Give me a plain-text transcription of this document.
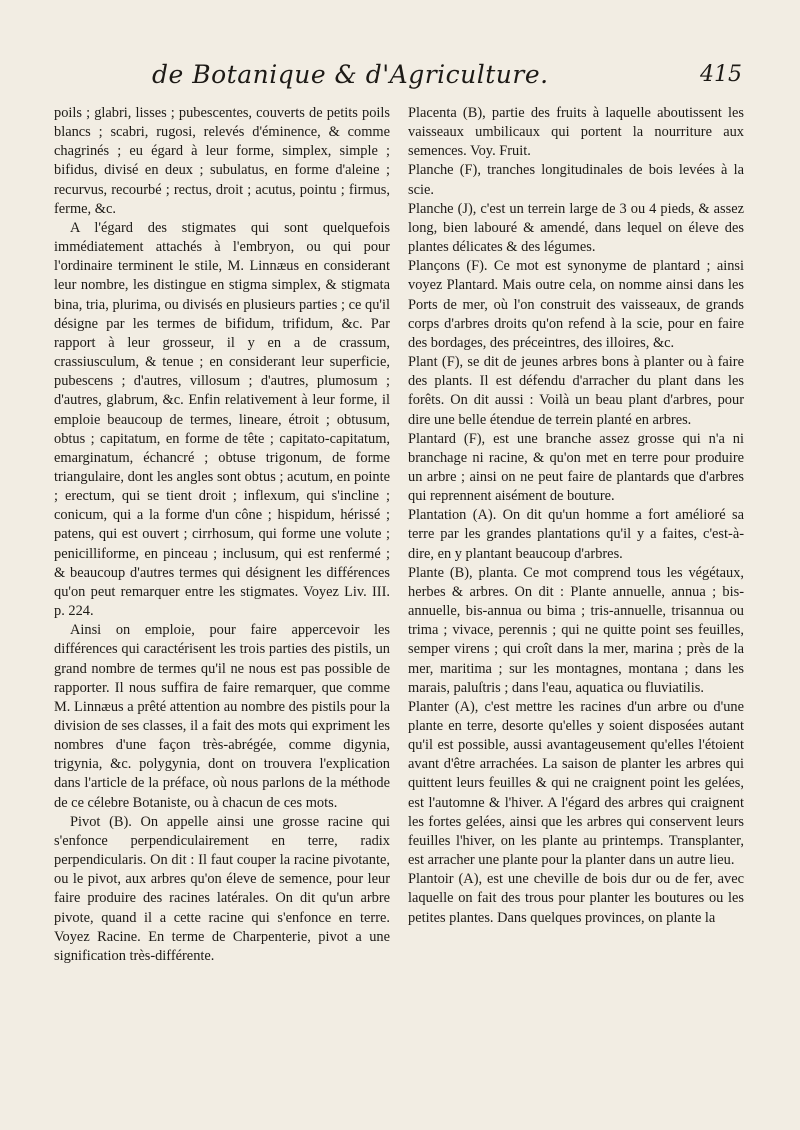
de Botanique & d'Agriculture.	415

poils ; glabri, lisses ; pubescentes, couverts de petits poils blancs ; scabri, rugosi, relevés d'éminence, & comme chagrinés ; eu égard à leur forme, simplex, simple ; bifidus, divisé en deux ; subulatus, en forme d'aleine ; recurvus, recourbé ; rectus, droit ; acutus, pointu ; firmus, ferme, &c.

A l'égard des stigmates qui sont quelquefois immédiatement attachés à l'embryon, ou qui pour l'ordinaire terminent le stile, M. Linnæus en considerant leur nombre, les distingue en stigma simplex, & stigmata bina, tria, plurima, ou divisés en plusieurs parties ; ce qu'il désigne par les termes de bifidum, trifidum, &c. Par rapport à leur grosseur, il y en a de crassum, crassiusculum, & tenue ; en considerant leur superficie, pubescens ; d'autres, villosum ; d'autres, plumosum ; d'autres, glabrum, &c. Enfin relativement à leur forme, il emploie beaucoup de termes, lineare, étroit ; obtusum, obtus ; capitatum, en forme de tête ; capitato-capitatum, emarginatum, échancré ; obtuse trigonum, de forme triangulaire, dont les angles sont obtus ; acutum, en pointe ; erectum, qui se tient droit ; inflexum, qui s'incline ; conicum, qui a la forme d'un cône ; hispidum, hérissé ; patens, qui est ouvert ; cirrhosum, qui forme une volute ; penicilliforme, en pinceau ; inclusum, qui est renfermé ; & beaucoup d'autres termes qui désignent les différences qu'on peut remarquer entre les stigmates. Voyez Liv. III. p. 224.

Ainsi on emploie, pour faire appercevoir les différences qui caractérisent les trois parties des pistils, un grand nombre de termes qu'il ne nous est pas possible de rapporter. Il nous suffira de faire remarquer, que comme M. Linnæus a prêté attention au nombre des pistils pour la division de ses classes, il a fait des mots qui expriment les nombres d'une façon très-abrégée, comme digynia, trigynia, &c. polygynia, dont on trouvera l'explication dans l'article de la préface, où nous parlons de la méthode de ce célebre Botaniste, ou à chacun de ces mots.

Pivot (B). On appelle ainsi une grosse racine qui s'enfonce perpendiculairement en terre, radix perpendicularis. On dit : Il faut couper la racine pivotante, ou le pivot, aux arbres qu'on éleve de semence, pour leur faire produire des racines latérales. On dit qu'un arbre pivote, quand il a cette racine qui s'enfonce en terre. Voyez Racine. En terme de Charpenterie, pivot a une signification très-différente.

Placenta (B), partie des fruits à laquelle aboutissent les vaisseaux umbilicaux qui portent la nourriture aux semences. Voy. Fruit.

Planche (F), tranches longitudinales de bois levées à la scie.

Planche (J), c'est un terrein large de 3 ou 4 pieds, & assez long, bien labouré & amendé, dans lequel on éleve des plantes délicates & des légumes.

Plançons (F). Ce mot est synonyme de plantard ; ainsi voyez Plantard. Mais outre cela, on nomme ainsi dans les Ports de mer, où l'on construit des vaisseaux, de grands corps d'arbres droits qu'on refend à la scie, pour en faire des bordages, des préceintres, des illoires, &c.

Plant (F), se dit de jeunes arbres bons à planter ou à faire des plants. Il est défendu d'arracher du plant dans les forêts. On dit aussi : Voilà un beau plant d'arbres, pour dire une belle étendue de terrein planté en arbres.

Plantard (F), est une branche assez grosse qui n'a ni branchage ni racine, & qu'on met en terre pour produire un arbre ; ainsi on ne peut faire de plantards que d'arbres qui reprennent aisément de bouture.

Plantation (A). On dit qu'un homme a fort amélioré sa terre par les grandes plantations qu'il y a faites, c'est-à-dire, en y plantant beaucoup d'arbres.

Plante (B), planta. Ce mot comprend tous les végétaux, herbes & arbres. On dit : Plante annuelle, annua ; bis-annuelle, bis-annua ou bima ; tris-annuelle, trisannua ou trima ; vivace, perennis ; qui ne quitte point ses feuilles, semper virens ; qui croît dans la mer, marina ; près de la mer, maritima ; sur les montagnes, montana ; dans les marais, paluſtris ; dans l'eau, aquatica ou fluviatilis.

Planter (A), c'est mettre les racines d'un arbre ou d'une plante en terre, desorte qu'elles y soient disposées autant qu'il est possible, aussi avantageusement qu'elles l'étoient avant d'être arrachées. La saison de planter les arbres qui quittent leurs feuilles & qui ne craignent point les gelées, est l'automne & l'hiver. A l'égard des arbres qui craignent les fortes gelées, ainsi que les arbres qui conservent leurs feuilles l'hiver, on les plante au printemps. Transplanter, est arracher une plante pour la planter dans un autre lieu.

Plantoir (A), est une cheville de bois dur ou de fer, avec laquelle on fait des trous pour planter les boutures ou les petites plantes. Dans quelques provinces, on plante la
